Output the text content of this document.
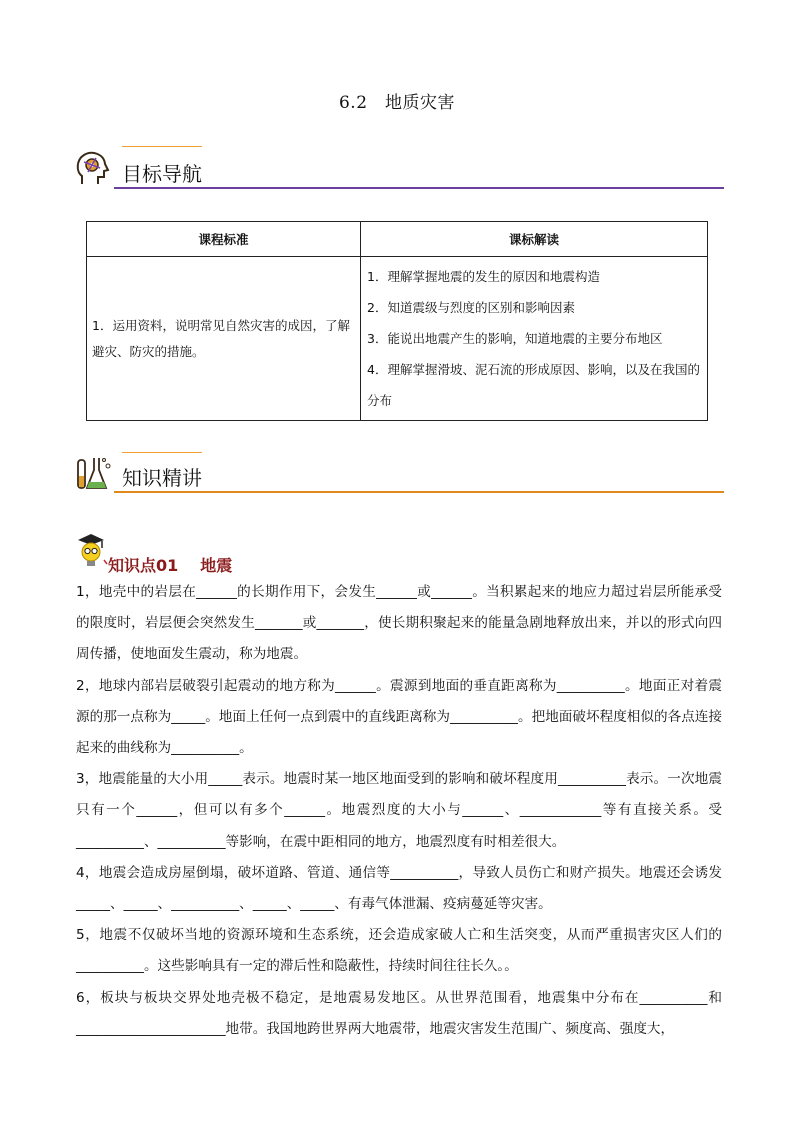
6.2　地质灾害
目标导航
课程标准	课标解读
1．运用资料，说明常见自然灾害的成因，了解避灾、防灾的措施。	1．理解掌握地震的发生的原因和地震构造
2．知道震级与烈度的区别和影响因素
3．能说出地震产生的影响，知道地震的主要分布地区
4．理解掌握滑坡、泥石流的形成原因、影响，以及在我国的分布
知识精讲
知识点01 地震

1，地壳中的岩层在______的长期作用下，会发生______或______。当积累起来的地应力超过岩层所能承受的限度时，岩层便会突然发生_______或_______，使长期积聚起来的能量急剧地释放出来，并以的形式向四周传播，使地面发生震动，称为地震。

2，地球内部岩层破裂引起震动的地方称为______。震源到地面的垂直距离称为__________。地面正对着震源的那一点称为_____。地面上任何一点到震中的直线距离称为__________。把地面破坏程度相似的各点连接起来的曲线称为__________。

3，地震能量的大小用_____表示。地震时某一地区地面受到的影响和破坏程度用__________表示。一次地震只有一个______，但可以有多个______。地震烈度的大小与______、____________等有直接关系。受__________、__________等影响，在震中距相同的地方，地震烈度有时相差很大。

4，地震会造成房屋倒塌，破坏道路、管道、通信等__________，导致人员伤亡和财产损失。地震还会诱发_____、_____、__________、_____、_____、有毒气体泄漏、疫病蔓延等灾害。

5，地震不仅破坏当地的资源环境和生态系统，还会造成家破人亡和生活突变，从而严重损害灾区人们的__________。这些影响具有一定的滞后性和隐蔽性，持续时间往往长久。。

6，板块与板块交界处地壳极不稳定，是地震易发地区。从世界范围看，地震集中分布在__________和______________________地带。我国地跨世界两大地震带，地震灾害发生范围广、频度高、强度大，
